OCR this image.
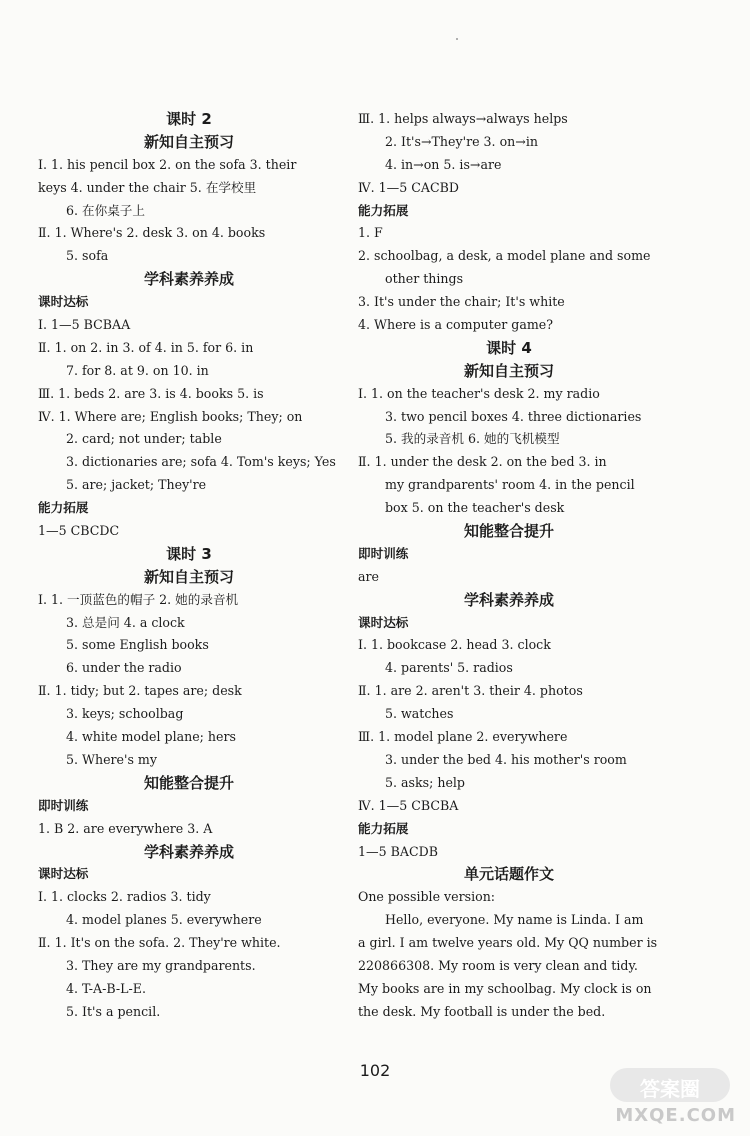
课时 2
新知自主预习
Ⅰ. 1. his pencil box 2. on the sofa 3. their
keys 4. under the chair 5. 在学校里
6. 在你桌子上
Ⅱ. 1. Where's 2. desk 3. on 4. books
5. sofa
学科素养养成
课时达标
Ⅰ. 1—5 BCBAA
Ⅱ. 1. on 2. in 3. of 4. in 5. for 6. in
7. for 8. at 9. on 10. in
Ⅲ. 1. beds 2. are 3. is 4. books 5. is
Ⅳ. 1. Where are; English books; They; on
2. card; not under; table
3. dictionaries are; sofa 4. Tom's keys; Yes
5. are; jacket; They're
能力拓展
1—5 CBCDC
课时 3
新知自主预习
Ⅰ. 1. 一顶蓝色的帽子 2. 她的录音机
3. 总是问 4. a clock
5. some English books
6. under the radio
Ⅱ. 1. tidy; but 2. tapes are; desk
3. keys; schoolbag
4. white model plane; hers
5. Where's my
知能整合提升
即时训练
1. B 2. are everywhere 3. A
学科素养养成
课时达标
Ⅰ. 1. clocks 2. radios 3. tidy
4. model planes 5. everywhere
Ⅱ. 1. It's on the sofa. 2. They're white.
3. They are my grandparents.
4. T-A-B-L-E.
5. It's a pencil.
Ⅲ. 1. helps always→always helps
2. It's→They're 3. on→in
4. in→on 5. is→are
Ⅳ. 1—5 CACBD
能力拓展
1. F
2. schoolbag, a desk, a model plane and some
other things
3. It's under the chair; It's white
4. Where is a computer game?
课时 4
新知自主预习
Ⅰ. 1. on the teacher's desk 2. my radio
3. two pencil boxes 4. three dictionaries
5. 我的录音机 6. 她的飞机模型
Ⅱ. 1. under the desk 2. on the bed 3. in
my grandparents' room 4. in the pencil
box 5. on the teacher's desk
知能整合提升
即时训练
are
学科素养养成
课时达标
Ⅰ. 1. bookcase 2. head 3. clock
4. parents' 5. radios
Ⅱ. 1. are 2. aren't 3. their 4. photos
5. watches
Ⅲ. 1. model plane 2. everywhere
3. under the bed 4. his mother's room
5. asks; help
Ⅳ. 1—5 CBCBA
能力拓展
1—5 BACDB
单元话题作文
One possible version:
Hello, everyone. My name is Linda. I am
a girl. I am twelve years old. My QQ number is
220866308. My room is very clean and tidy.
My books are in my schoolbag. My clock is on
the desk. My football is under the bed.
102
答案圈
MXQE.COM
